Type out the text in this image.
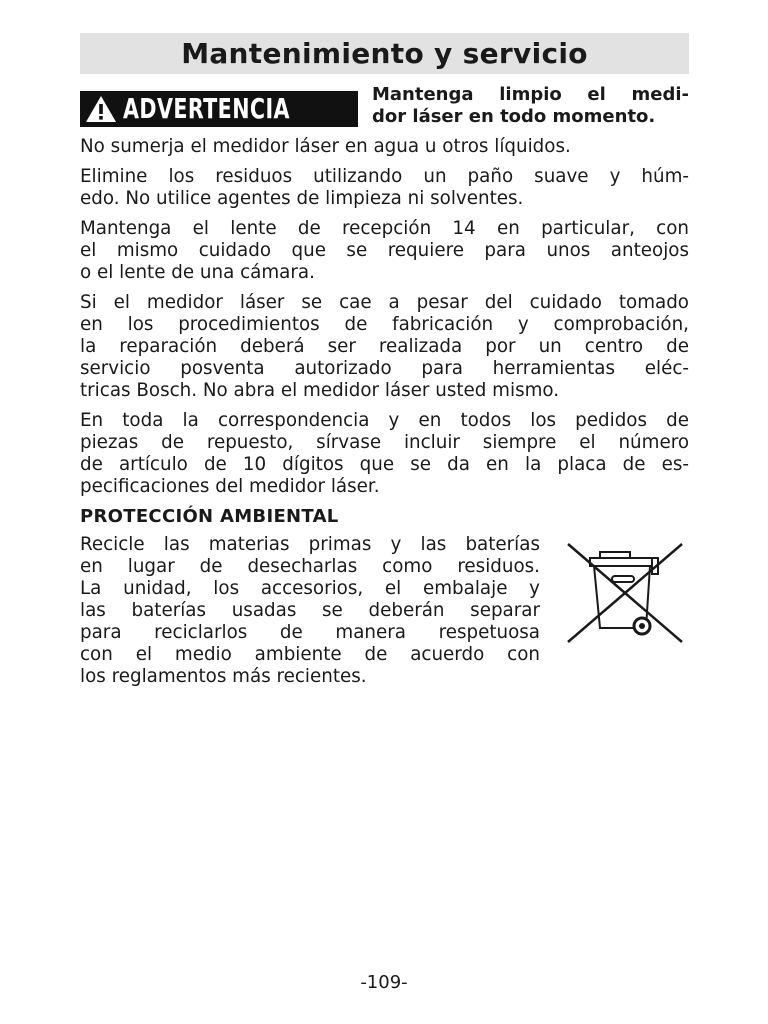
Mantenimiento y servicio
ADVERTENCIA	Mantenga limpio el medi-
dor láser en todo momento.

No sumerja el medidor láser en agua u otros líquidos.

Elimine los residuos utilizando un paño suave y húm-
edo. No utilice agentes de limpieza ni solventes.

Mantenga el lente de recepción 14 en particular, con
el mismo cuidado que se requiere para unos anteojos
o el lente de una cámara.

Si el medidor láser se cae a pesar del cuidado tomado
en los procedimientos de fabricación y comprobación,
la reparación deberá ser realizada por un centro de
servicio posventa autorizado para herramientas eléc-
tricas Bosch. No abra el medidor láser usted mismo.

En toda la correspondencia y en todos los pedidos de
piezas de repuesto, sírvase incluir siempre el número
de artículo de 10 dígitos que se da en la placa de es-
pecificaciones del medidor láser.

PROTECCIÓN AMBIENTAL
Recicle las materias primas y las baterías
en lugar de desecharlas como residuos.
La unidad, los accesorios, el embalaje y
las baterías usadas se deberán separar
para reciclarlos de manera respetuosa
con el medio ambiente de acuerdo con
los reglamentos más recientes.
-109-
